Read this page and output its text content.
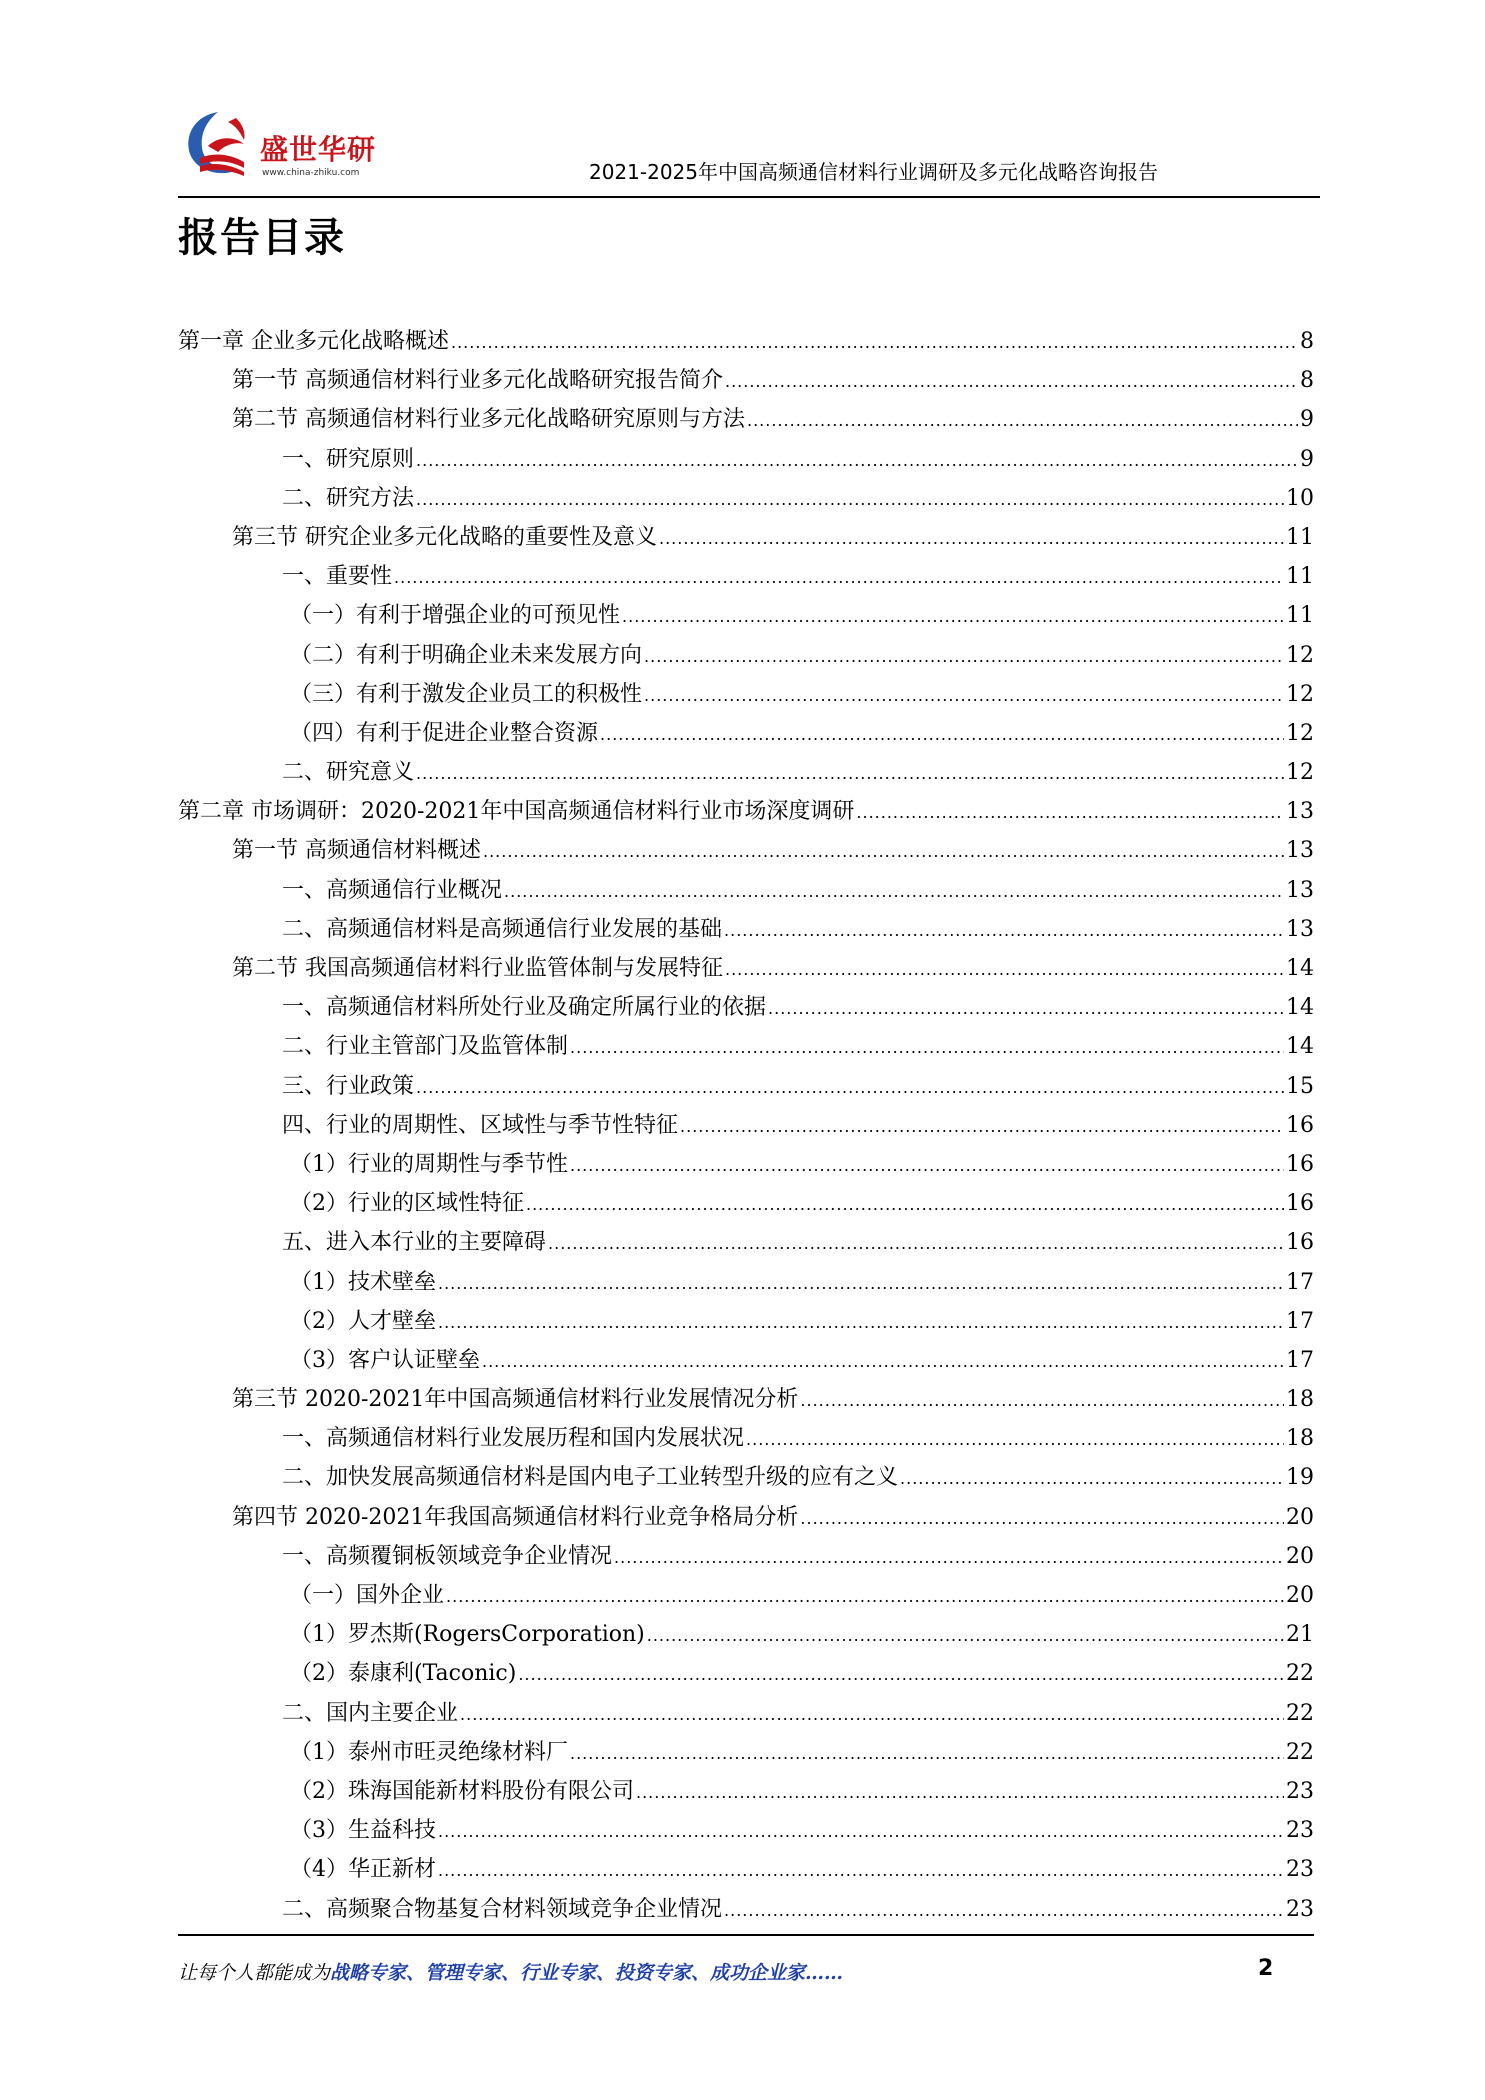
盛世华研
www.china-zhiku.com	2021-2025年中国高频通信材料行业调研及多元化战略咨询报告
报告目录
第一章 企业多元化战略概述 .....	8
第一节 高频通信材料行业多元化战略研究报告简介 .....	8
第二节 高频通信材料行业多元化战略研究原则与方法 .....	9
一、研究原则 .....	9
二、研究方法 .....	10
第三节 研究企业多元化战略的重要性及意义 .....	11
一、重要性 .....	11
（一）有利于增强企业的可预见性 .....	11
（二）有利于明确企业未来发展方向 .....	12
（三）有利于激发企业员工的积极性 .....	12
（四）有利于促进企业整合资源 .....	12
二、研究意义 .....	12
第二章 市场调研：2020-2021年中国高频通信材料行业市场深度调研 .....	13
第一节 高频通信材料概述 .....	13
一、高频通信行业概况 .....	13
二、高频通信材料是高频通信行业发展的基础 .....	13
第二节 我国高频通信材料行业监管体制与发展特征 .....	14
一、高频通信材料所处行业及确定所属行业的依据 .....	14
二、行业主管部门及监管体制 .....	14
三、行业政策 .....	15
四、行业的周期性、区域性与季节性特征 .....	16
（1）行业的周期性与季节性 .....	16
（2）行业的区域性特征 .....	16
五、进入本行业的主要障碍 .....	16
（1）技术壁垒 .....	17
（2）人才壁垒 .....	17
（3）客户认证壁垒 .....	17
第三节 2020-2021年中国高频通信材料行业发展情况分析 .....	18
一、高频通信材料行业发展历程和国内发展状况 .....	18
二、加快发展高频通信材料是国内电子工业转型升级的应有之义 .....	19
第四节 2020-2021年我国高频通信材料行业竞争格局分析 .....	20
一、高频覆铜板领域竞争企业情况 .....	20
（一）国外企业 .....	20
（1）罗杰斯(RogersCorporation) .....	21
（2）泰康利(Taconic) .....	22
二、国内主要企业 .....	22
（1）泰州市旺灵绝缘材料厂 .....	22
（2）珠海国能新材料股份有限公司 .....	23
（3）生益科技 .....	23
（4）华正新材 .....	23
二、高频聚合物基复合材料领域竞争企业情况 .....	23
让每个人都能成为战略专家、管理专家、行业专家、投资专家、成功企业家……	2
